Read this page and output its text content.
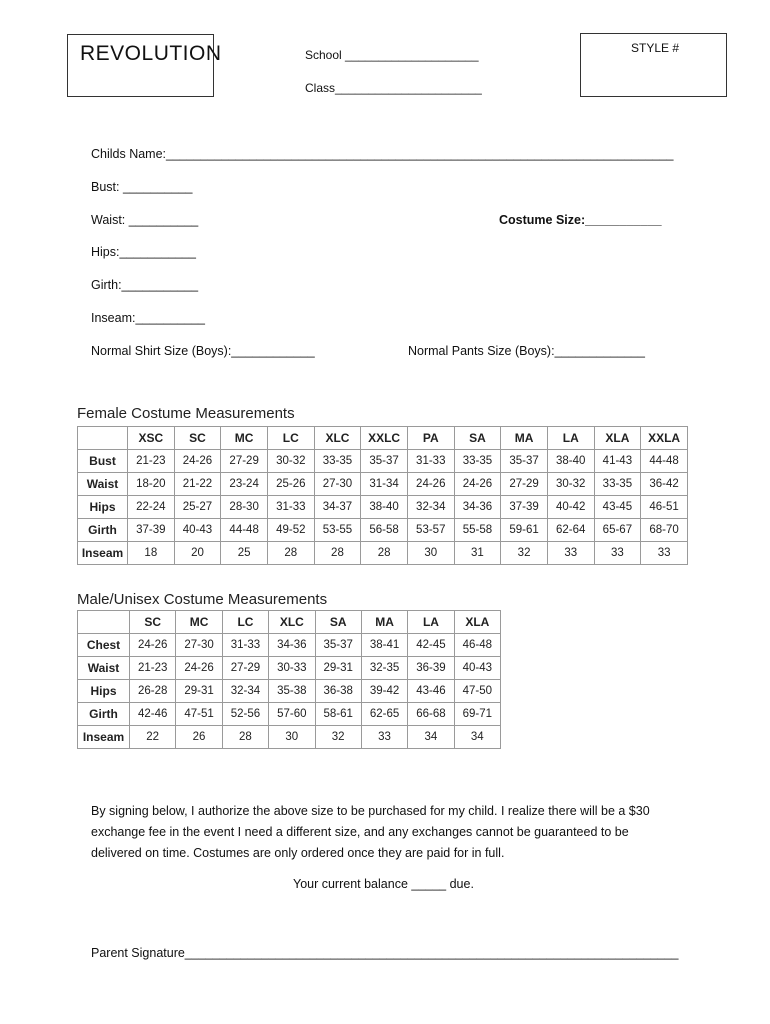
REVOLUTION	School ____________________
Class______________________
STYLE #
Childs Name:_________________________________________________________________________
Bust: __________
Waist: __________	Costume Size:___________
Hips:___________
Girth:___________
Inseam:__________
Normal Shirt Size (Boys):____________	Normal Pants Size (Boys):_____________
Female Costume Measurements
	XSC	SC	MC	LC	XLC	XXLC	PA	SA	MA	LA	XLA	XXLA
Bust	21-23	24-26	27-29	30-32	33-35	35-37	31-33	33-35	35-37	38-40	41-43	44-48
Waist	18-20	21-22	23-24	25-26	27-30	31-34	24-26	24-26	27-29	30-32	33-35	36-42
Hips	22-24	25-27	28-30	31-33	34-37	38-40	32-34	34-36	37-39	40-42	43-45	46-51
Girth	37-39	40-43	44-48	49-52	53-55	56-58	53-57	55-58	59-61	62-64	65-67	68-70
Inseam	18	20	25	28	28	28	30	31	32	33	33	33
Male/Unisex Costume Measurements
	SC	MC	LC	XLC	SA	MA	LA	XLA
Chest	24-26	27-30	31-33	34-36	35-37	38-41	42-45	46-48
Waist	21-23	24-26	27-29	30-33	29-31	32-35	36-39	40-43
Hips	26-28	29-31	32-34	35-38	36-38	39-42	43-46	47-50
Girth	42-46	47-51	52-56	57-60	58-61	62-65	66-68	69-71
Inseam	22	26	28	30	32	33	34	34
By signing below, I authorize the above size to be purchased for my child. I realize there will be a $30
exchange fee in the event I need a different size, and any exchanges cannot be guaranteed to be
delivered on time. Costumes are only ordered once they are paid for in full.
Your current balance _____ due.
Parent Signature_______________________________________________________________________
